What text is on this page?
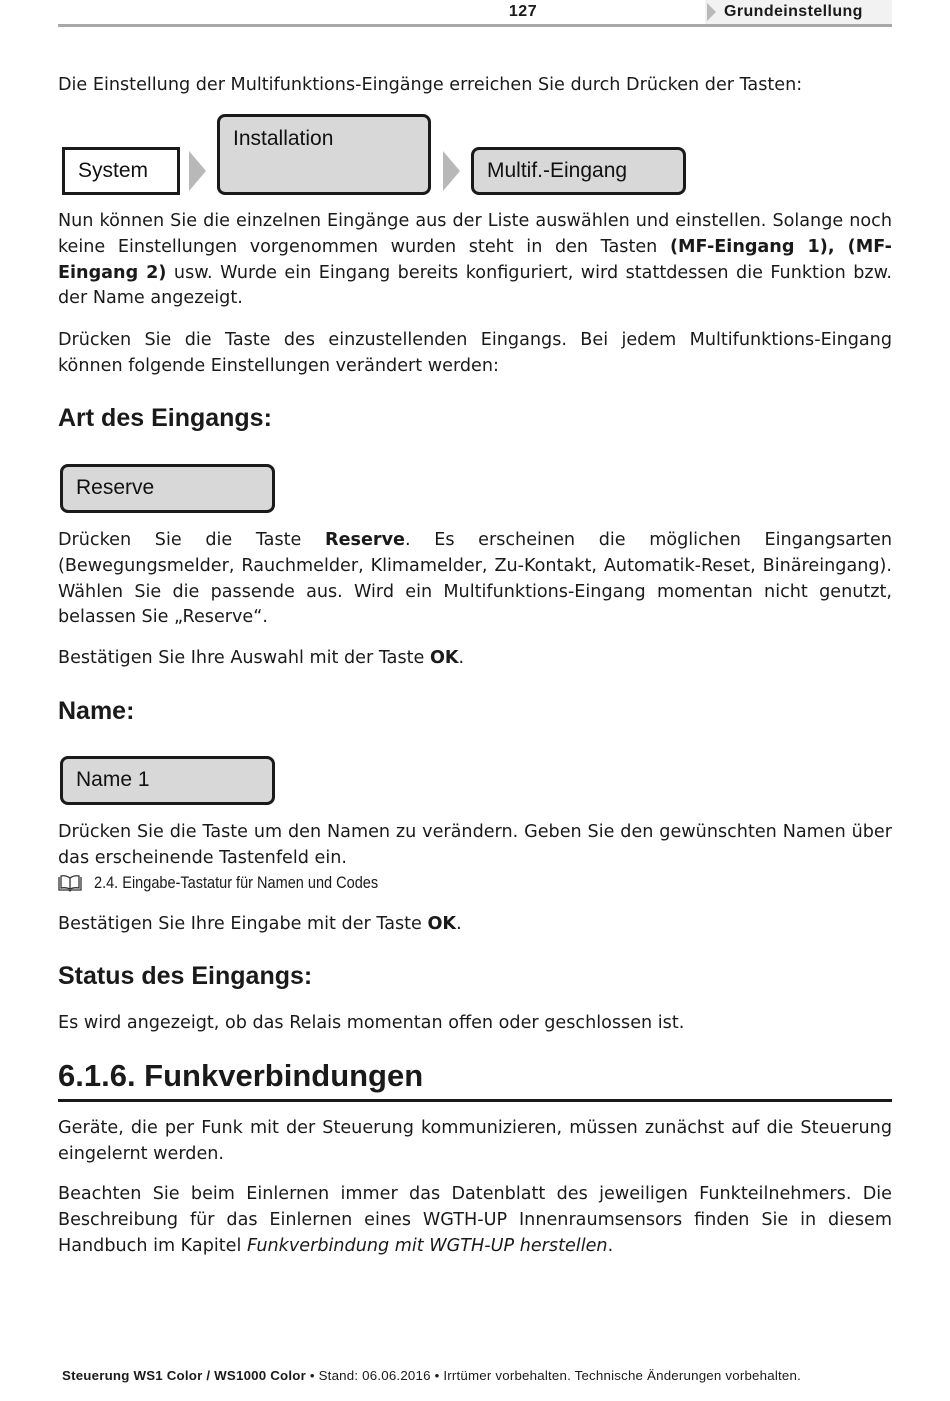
127	Grundeinstellung

Die Einstellung der Multifunktions-Eingänge erreichen Sie durch Drücken der Tasten:

System
Installation
Multif.-Eingang

Nun können Sie die einzelnen Eingänge aus der Liste auswählen und einstellen. Solange noch keine Einstellungen vorgenommen wurden steht in den Tasten (MF-Eingang 1), (MF-Eingang 2) usw. Wurde ein Eingang bereits konfiguriert, wird stattdessen die Funktion bzw. der Name angezeigt.

Drücken Sie die Taste des einzustellenden Eingangs. Bei jedem Multifunktions-Eingang können folgende Einstellungen verändert werden:

Art des Eingangs:
Reserve

Drücken Sie die Taste Reserve. Es erscheinen die möglichen Eingangsarten (Bewegungsmelder, Rauchmelder, Klimamelder, Zu-Kontakt, Automatik-Reset, Binäreingang). Wählen Sie die passende aus. Wird ein Multifunktions-Eingang momentan nicht genutzt, belassen Sie „Reserve“.

Bestätigen Sie Ihre Auswahl mit der Taste OK.

Name:
Name 1

Drücken Sie die Taste um den Namen zu verändern. Geben Sie den gewünschten Namen über das erscheinende Tastenfeld ein.

2.4. Eingabe-Tastatur für Namen und Codes

Bestätigen Sie Ihre Eingabe mit der Taste OK.

Status des Eingangs:

Es wird angezeigt, ob das Relais momentan offen oder geschlossen ist.

6.1.6. Funkverbindungen

Geräte, die per Funk mit der Steuerung kommunizieren, müssen zunächst auf die Steuerung eingelernt werden.

Beachten Sie beim Einlernen immer das Datenblatt des jeweiligen Funkteilnehmers. Die Beschreibung für das Einlernen eines WGTH-UP Innenraumsensors finden Sie in diesem Handbuch im Kapitel Funkverbindung mit WGTH-UP herstellen.

Steuerung WS1 Color / WS1000 Color • Stand: 06.06.2016 • Irrtümer vorbehalten. Technische Änderungen vorbehalten.
